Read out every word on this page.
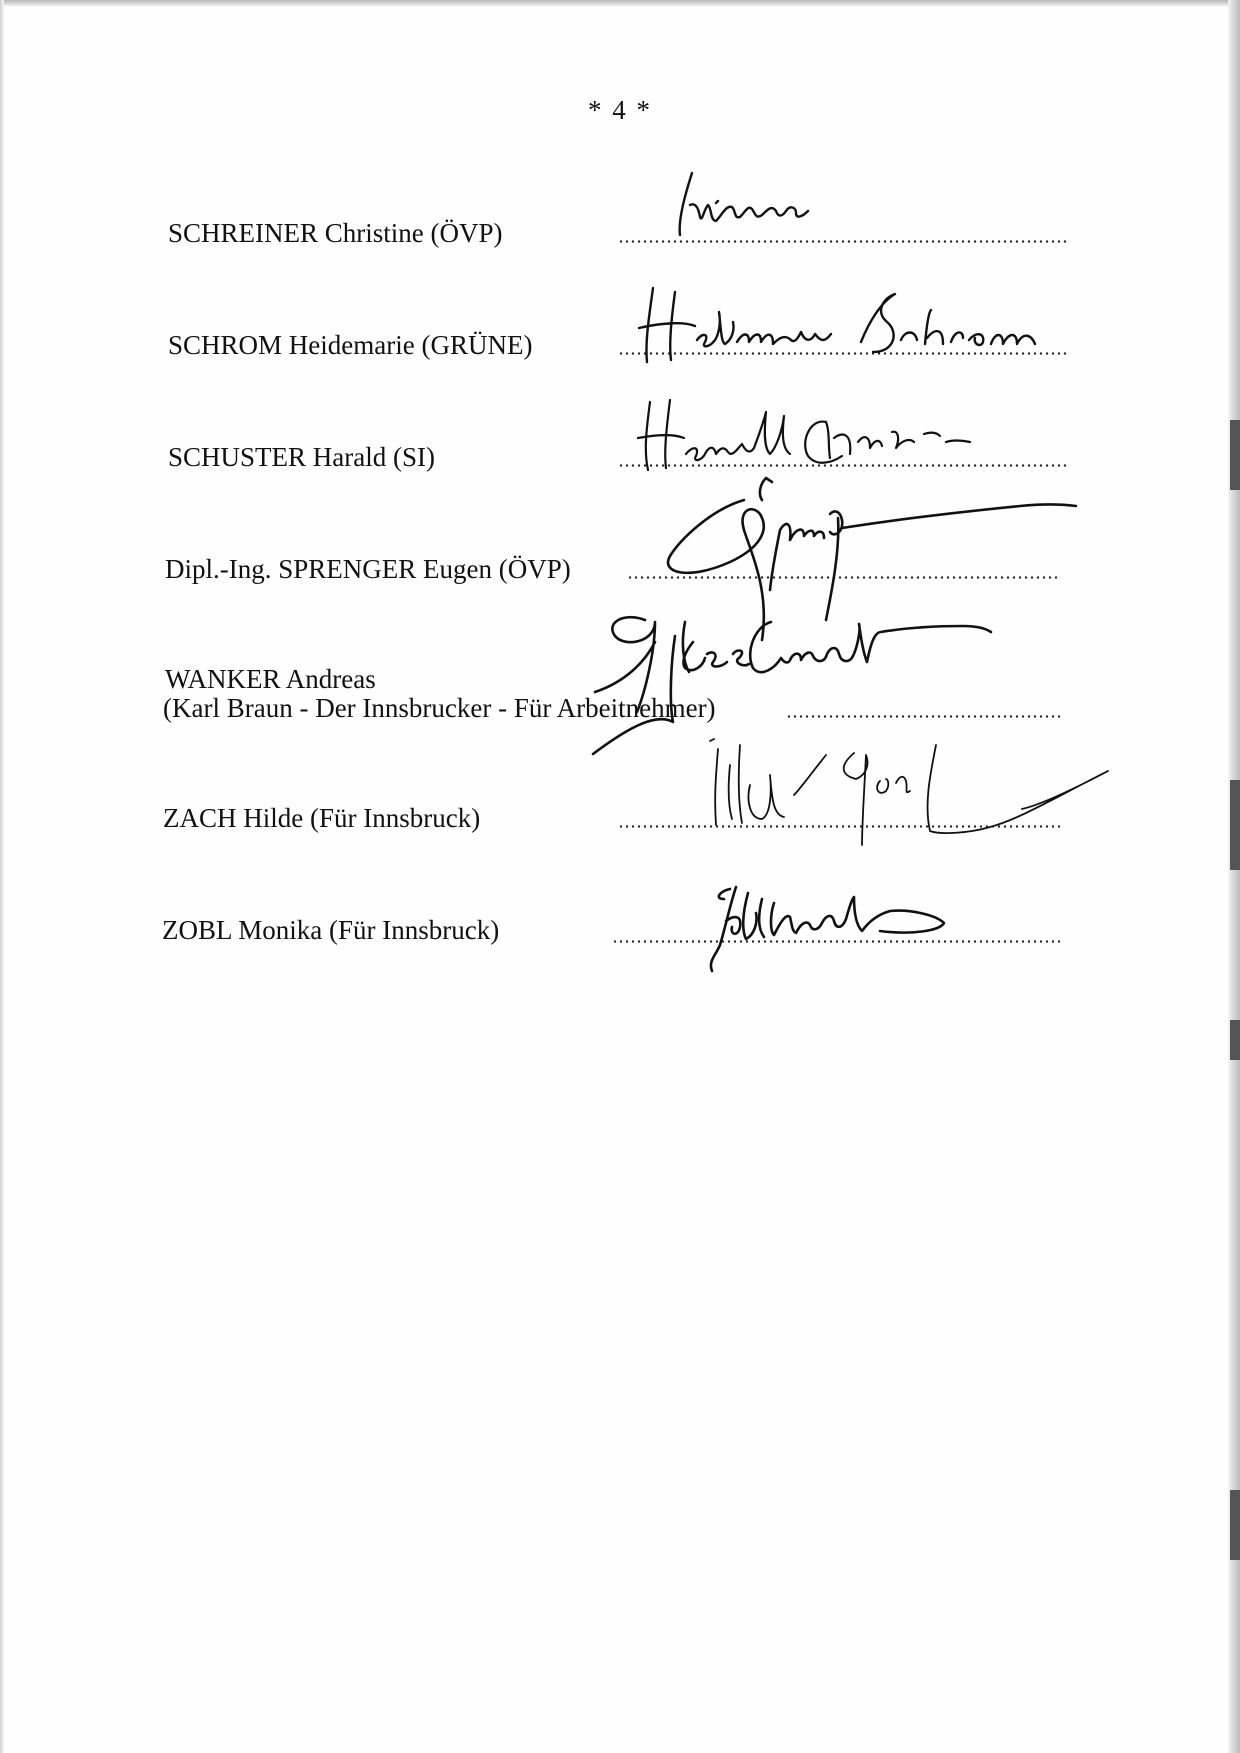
* 4 *
SCHREINER Christine (ÖVP)
SCHROM Heidemarie (GRÜNE)
SCHUSTER Harald (SI)
Dipl.-Ing. SPRENGER Eugen (ÖVP)
WANKER Andreas
(Karl Braun - Der Innsbrucker - Für Arbeitnehmer)
ZACH Hilde (Für Innsbruck)
ZOBL Monika (Für Innsbruck)
